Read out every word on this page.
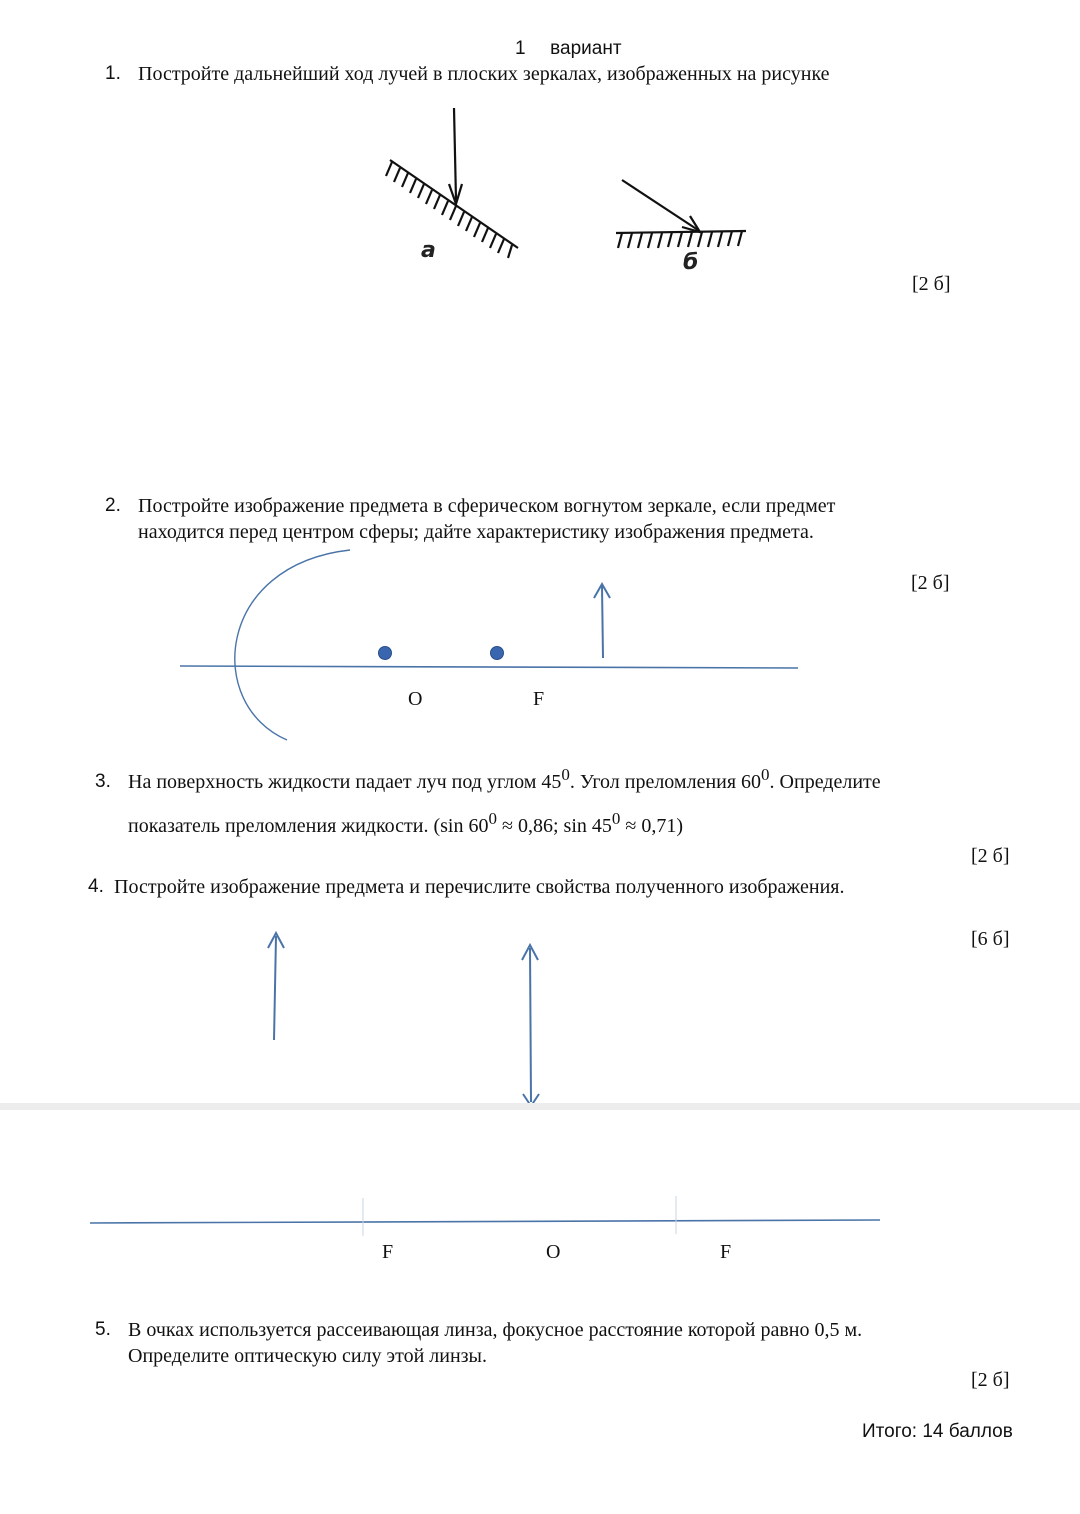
1 вариант
1. Постройте дальнейший ход лучей в плоских зеркалах, изображенных на рисунке
а	б
[2 б]
2. Постройте изображение предмета в сферическом вогнутом зеркале, если предмет
находится перед центром сферы; дайте характеристику изображения предмета.
[2 б]
O	F
3. На поверхность жидкости падает луч под углом $45^0$. Угол преломления $60^0$. Определите
показатель преломления жидкости. (sin $60^0 \approx 0,86$; $\sin 45^0 \approx 0,71$)
[2 б]
4. Постройте изображение предмета и перечислите свойства полученного изображения.
[6 б]
F	O	F
5. В очках используется рассеивающая линза, фокусное расстояние которой равно 0,5 м.
Определите оптическую силу этой линзы.
[2 б]
Итого: 14 баллов
